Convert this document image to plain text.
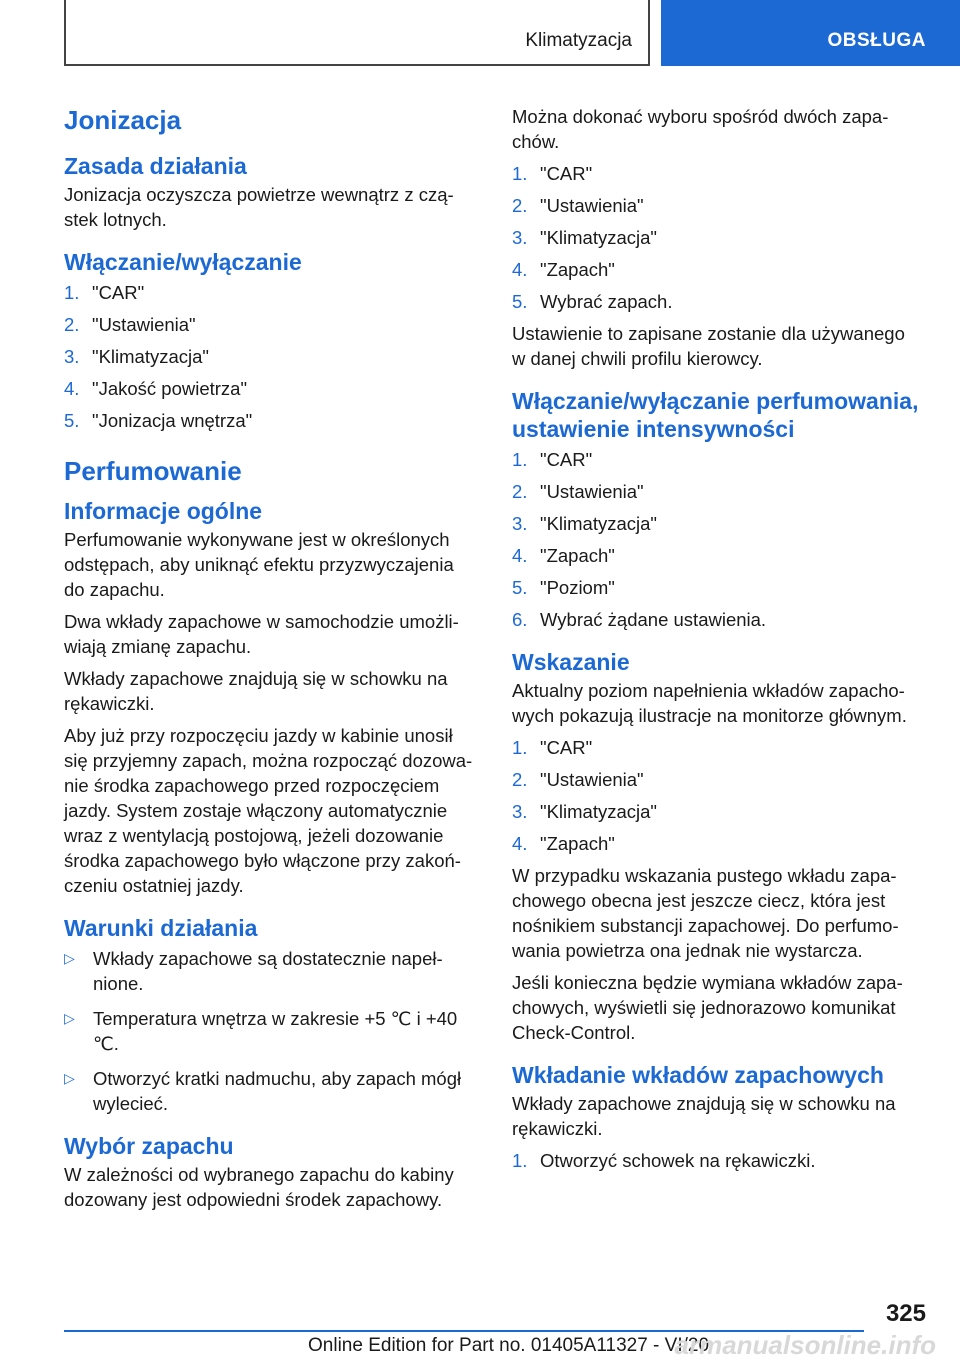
Klimatyzacja	OBSŁUGA
Jonizacja
Zasada działania

Jonizacja oczyszcza powietrze wewnątrz z czą-stek lotnych.

Włączanie/wyłączanie
1. "CAR"
2. "Ustawienia"
3. "Klimatyzacja"
4. "Jakość powietrza"
5. "Jonizacja wnętrza"
Perfumowanie
Informacje ogólne

Perfumowanie wykonywane jest w określonych odstępach, aby uniknąć efektu przyzwyczajenia do zapachu.

Dwa wkłady zapachowe w samochodzie umożli-wiają zmianę zapachu.

Wkłady zapachowe znajdują się w schowku na rękawiczki.

Aby już przy rozpoczęciu jazdy w kabinie unosił się przyjemny zapach, można rozpocząć dozowa-nie środka zapachowego przed rozpoczęciem jazdy. System zostaje włączony automatycznie wraz z wentylacją postojową, jeżeli dozowanie środka zapachowego było włączone przy zakoń-czeniu ostatniej jazdy.

Warunki działania
▷ Wkłady zapachowe są dostatecznie napeł-nione.
▷ Temperatura wnętrza w zakresie +5 ℃ i +40 ℃.
▷ Otworzyć kratki nadmuchu, aby zapach mógł wylecieć.
Wybór zapachu

W zależności od wybranego zapachu do kabiny dozowany jest odpowiedni środek zapachowy.

Można dokonać wyboru spośród dwóch zapa-chów.

1. "CAR"
2. "Ustawienia"
3. "Klimatyzacja"
4. "Zapach"
5. Wybrać zapach.

Ustawienie to zapisane zostanie dla używanego w danej chwili profilu kierowcy.

Włączanie/wyłączanie perfumowania, ustawienie intensywności
1. "CAR"
2. "Ustawienia"
3. "Klimatyzacja"
4. "Zapach"
5. "Poziom"
6. Wybrać żądane ustawienia.
Wskazanie

Aktualny poziom napełnienia wkładów zapacho-wych pokazują ilustracje na monitorze głównym.

1. "CAR"
2. "Ustawienia"
3. "Klimatyzacja"
4. "Zapach"

W przypadku wskazania pustego wkładu zapa-chowego obecna jest jeszcze ciecz, która jest nośnikiem substancji zapachowej. Do perfumo-wania powietrza ona jednak nie wystarcza.

Jeśli konieczna będzie wymiana wkładów zapa-chowych, wyświetli się jednorazowo komunikat Check-Control.

Wkładanie wkładów zapachowych

Wkłady zapachowe znajdują się w schowku na rękawiczki.

1. Otworzyć schowek na rękawiczki.
325
Online Edition for Part no. 01405A11327 - VI/20
armanualsonline.info
